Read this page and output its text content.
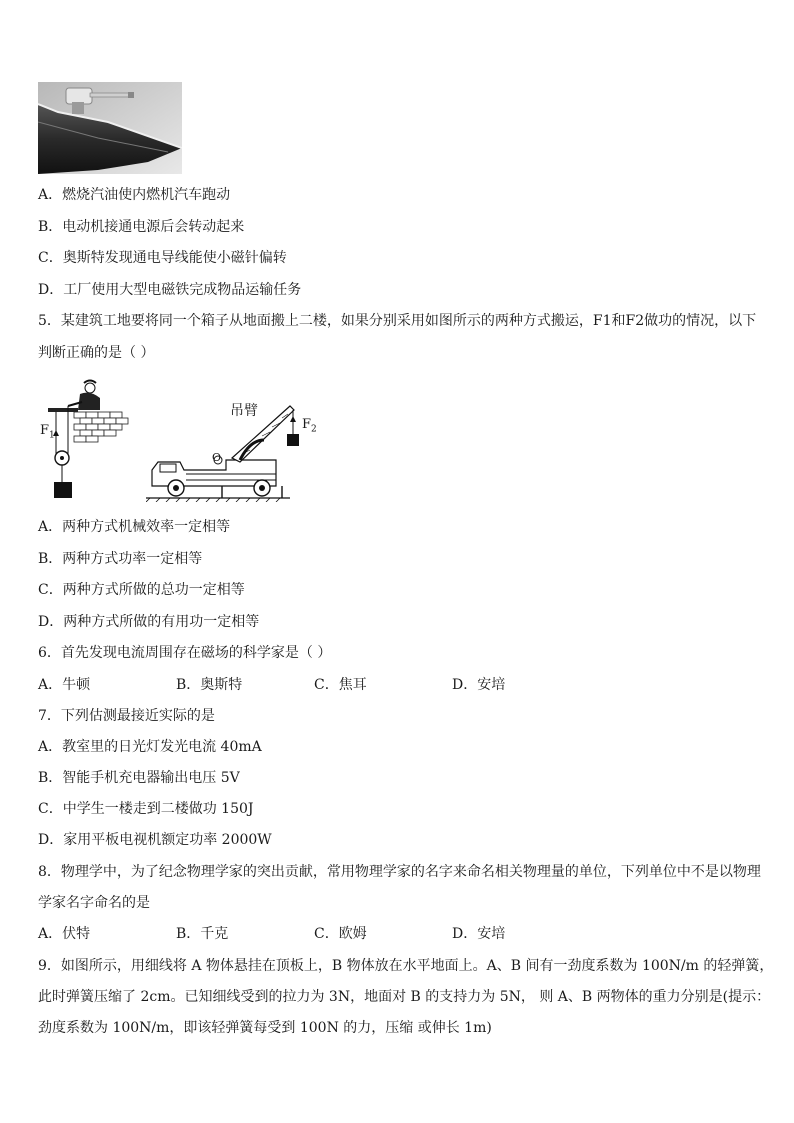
A．燃烧汽油使内燃机汽车跑动
B．电动机接通电源后会转动起来
C．奥斯特发现通电导线能使小磁针偏转
D．工厂使用大型电磁铁完成物品运输任务
5．某建筑工地要将同一个箱子从地面搬上二楼，如果分别采用如图所示的两种方式搬运，F1和F2做功的情况，以下
判断正确的是（ ）
$F_1$
吊臂
$F_2$
O
A．两种方式机械效率一定相等
B．两种方式功率一定相等
C．两种方式所做的总功一定相等
D．两种方式所做的有用功一定相等
6．首先发现电流周围存在磁场的科学家是（ ）
A．牛顿	B．奥斯特	C．焦耳	D．安培
7．下列估测最接近实际的是
A．教室里的日光灯发光电流 40mA
B．智能手机充电器输出电压 5V
C．中学生一楼走到二楼做功 150J
D．家用平板电视机额定功率 2000W
8．物理学中，为了纪念物理学家的突出贡献，常用物理学家的名字来命名相关物理量的单位，下列单位中不是以物理
学家名字命名的是
A．伏特	B．千克	C．欧姆	D．安培
9．如图所示，用细线将 A 物体悬挂在顶板上，B 物体放在水平地面上。A、B 间有一劲度系数为 100N/m 的轻弹簧，
此时弹簧压缩了 2cm。已知细线受到的拉力为 3N，地面对 B 的支持力为 5N， 则 A、B 两物体的重力分别是(提示：
劲度系数为 100N/m，即该轻弹簧每受到 100N 的力，压缩 或伸长 1m)
